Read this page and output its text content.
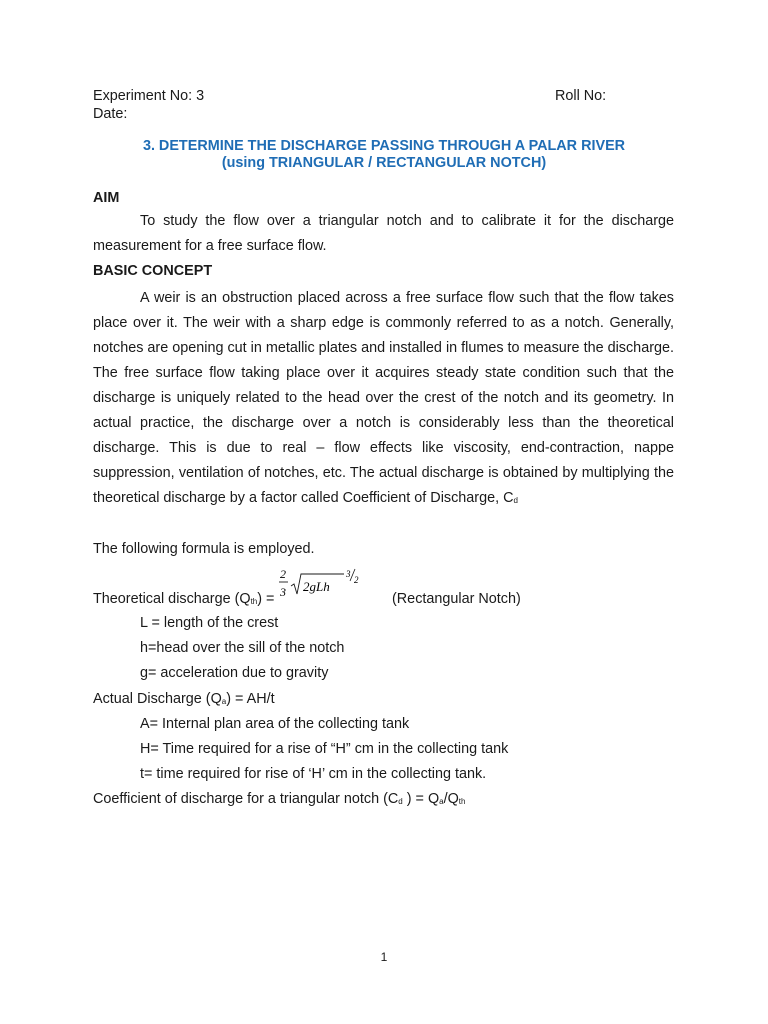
Experiment No: 3	Roll No:
Date:
3. DETERMINE THE DISCHARGE PASSING THROUGH A PALAR RIVER
(using TRIANGULAR / RECTANGULAR NOTCH)
AIM
To study the flow over a triangular notch and to calibrate it for the discharge measurement for a free surface flow.
BASIC CONCEPT
A weir is an obstruction placed across a free surface flow such that the flow takes place over it. The weir with a sharp edge is commonly referred to as a notch. Generally, notches are opening cut in metallic plates and installed in flumes to measure the discharge. The free surface flow taking place over it acquires steady state condition such that the discharge is uniquely related to the head over the crest of the notch and its geometry. In actual practice, the discharge over a notch is considerably less than the theoretical discharge. This is due to real – flow effects like viscosity, end-contraction, nappe suppression, ventilation of notches, etc. The actual discharge is obtained by multiplying the theoretical discharge by a factor called Coefficient of Discharge, $C_d$
The following formula is employed.
Theoretical discharge $(Q_{th})$ =
2
3 2gLh
3
2
(Rectangular Notch)
L = length of the crest
h=head over the sill of the notch
g= acceleration due to gravity
Actual Discharge $(Q_a) = AH/t$
A= Internal plan area of the collecting tank
H= Time required for a rise of “H” cm in the collecting tank
t= time required for rise of ‘H’ cm in the collecting tank.
Coefficient of discharge for a triangular notch ($C_d$ ) = $Q_a/Q_{th}$
1
